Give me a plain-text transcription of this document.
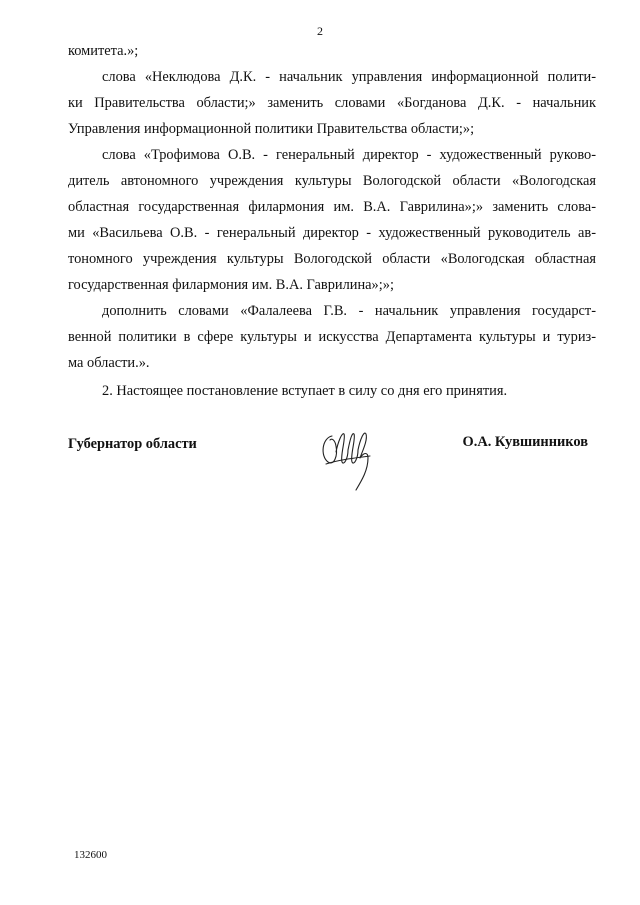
2
комитета.»;
слова «Неклюдова Д.К. - начальник управления информационной полити-
ки Правительства области;» заменить словами «Богданова Д.К. - начальник
Управления информационной политики Правительства области;»;
слова «Трофимова О.В. - генеральный директор - художественный руково-
дитель автономного учреждения культуры Вологодской области «Вологодская
областная государственная филармония им. В.А. Гаврилина»;» заменить слова-
ми «Васильева О.В. - генеральный директор - художественный руководитель ав-
тономного учреждения культуры Вологодской области «Вологодская областная
государственная филармония им. В.А. Гаврилина»;»;
дополнить словами «Фалалеева Г.В. - начальник управления государст-
венной политики в сфере культуры и искусства Департамента культуры и туриз-
ма области.».
2. Настоящее постановление вступает в силу со дня его принятия.
Губернатор области	О.А. Кувшинников
132600
